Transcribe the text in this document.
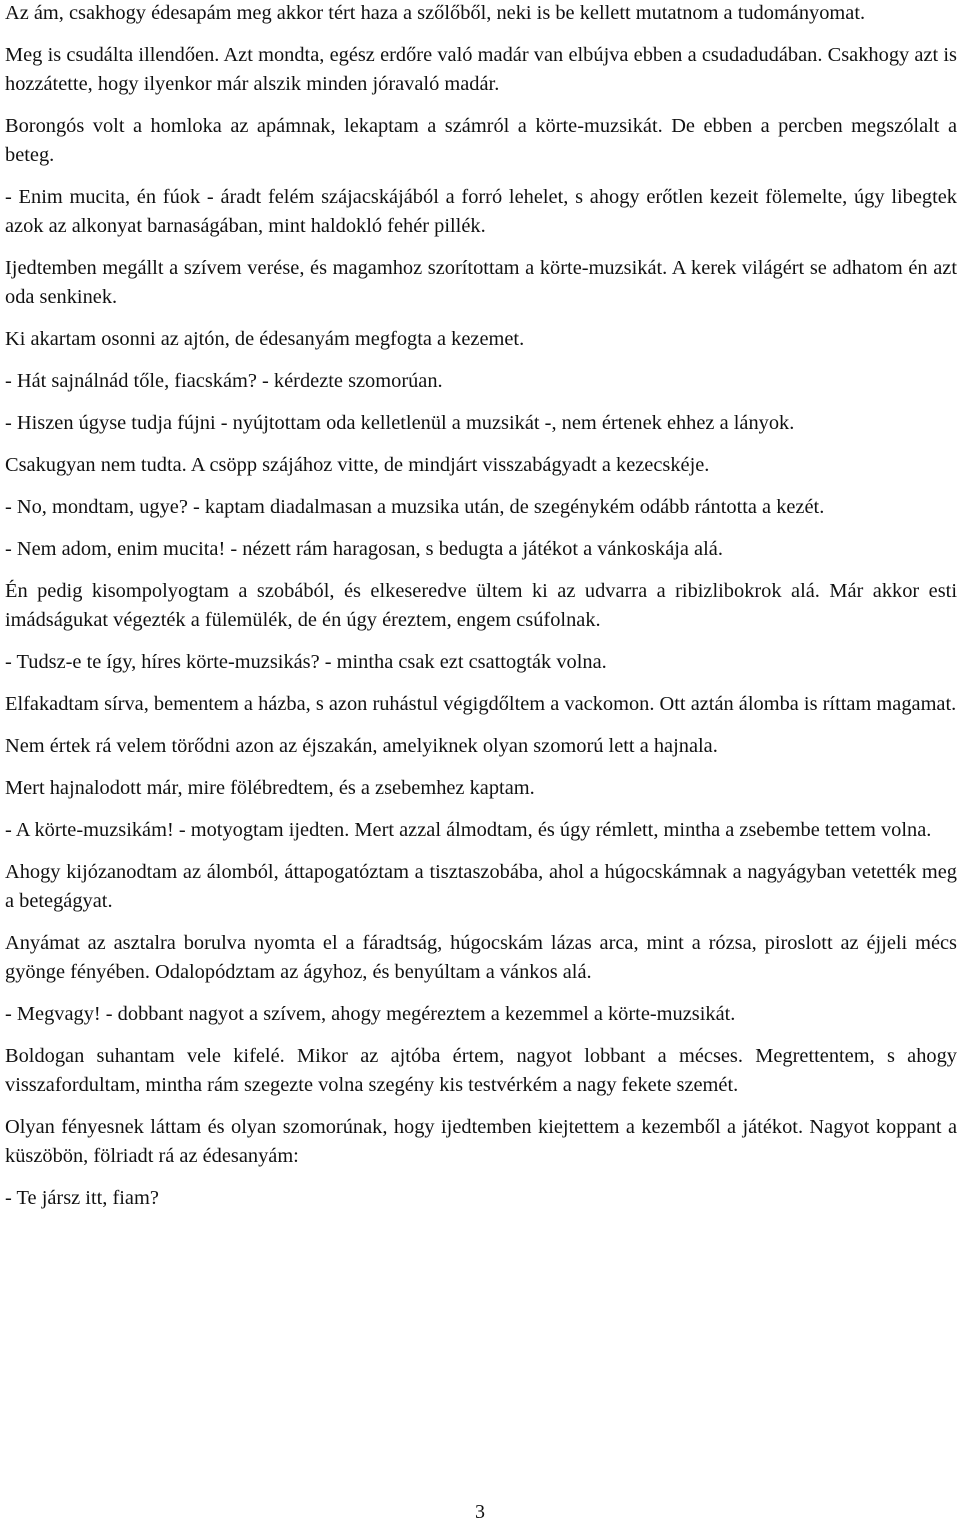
Az ám, csakhogy édesapám meg akkor tért haza a szőlőből, neki is be kellett mutatnom a tudományomat.

Meg is csudálta illendően. Azt mondta, egész erdőre való madár van elbújva ebben a csudadudában. Csakhogy azt is hozzátette, hogy ilyenkor már alszik minden jóravaló madár.

Borongós volt a homloka az apámnak, lekaptam a számról a körte-muzsikát. De ebben a percben megszólalt a beteg.

- Enim mucita, én fúok - áradt felém szájacskájából a forró lehelet, s ahogy erőtlen kezeit fölemelte, úgy libegtek azok az alkonyat barnaságában, mint haldokló fehér pillék.

Ijedtemben megállt a szívem verése, és magamhoz szorítottam a körte-muzsikát. A kerek világért se adhatom én azt oda senkinek.

Ki akartam osonni az ajtón, de édesanyám megfogta a kezemet.

- Hát sajnálnád tőle, fiacskám? - kérdezte szomorúan.

- Hiszen úgyse tudja fújni - nyújtottam oda kelletlenül a muzsikát -, nem értenek ehhez a lányok.

Csakugyan nem tudta. A csöpp szájához vitte, de mindjárt visszabágyadt a kezecskéje.

- No, mondtam, ugye? - kaptam diadalmasan a muzsika után, de szegénykém odább rántotta a kezét.

- Nem adom, enim mucita! - nézett rám haragosan, s bedugta a játékot a vánkoskája alá.

Én pedig kisompolyogtam a szobából, és elkeseredve ültem ki az udvarra a ribizlibokrok alá. Már akkor esti imádságukat végezték a fülemülék, de én úgy éreztem, engem csúfolnak.

- Tudsz-e te így, híres körte-muzsikás? - mintha csak ezt csattogták volna.

Elfakadtam sírva, bementem a házba, s azon ruhástul végigdőltem a vackomon. Ott aztán álomba is ríttam magamat.

Nem értek rá velem törődni azon az éjszakán, amelyiknek olyan szomorú lett a hajnala.

Mert hajnalodott már, mire fölébredtem, és a zsebemhez kaptam.

- A körte-muzsikám! - motyogtam ijedten. Mert azzal álmodtam, és úgy rémlett, mintha a zsebembe tettem volna.

Ahogy kijózanodtam az álomból, áttapogatóztam a tisztaszobába, ahol a húgocskámnak a nagyágyban vetették meg a betegágyat.

Anyámat az asztalra borulva nyomta el a fáradtság, húgocskám lázas arca, mint a rózsa, piroslott az éjjeli mécs gyönge fényében. Odalopództam az ágyhoz, és benyúltam a vánkos alá.

- Megvagy! - dobbant nagyot a szívem, ahogy megéreztem a kezemmel a körte-muzsikát.

Boldogan suhantam vele kifelé. Mikor az ajtóba értem, nagyot lobbant a mécses. Megrettentem, s ahogy visszafordultam, mintha rám szegezte volna szegény kis testvérkém a nagy fekete szemét.

Olyan fényesnek láttam és olyan szomorúnak, hogy ijedtemben kiejtettem a kezemből a játékot. Nagyot koppant a küszöbön, fölriadt rá az édesanyám:

- Te jársz itt, fiam?

3
